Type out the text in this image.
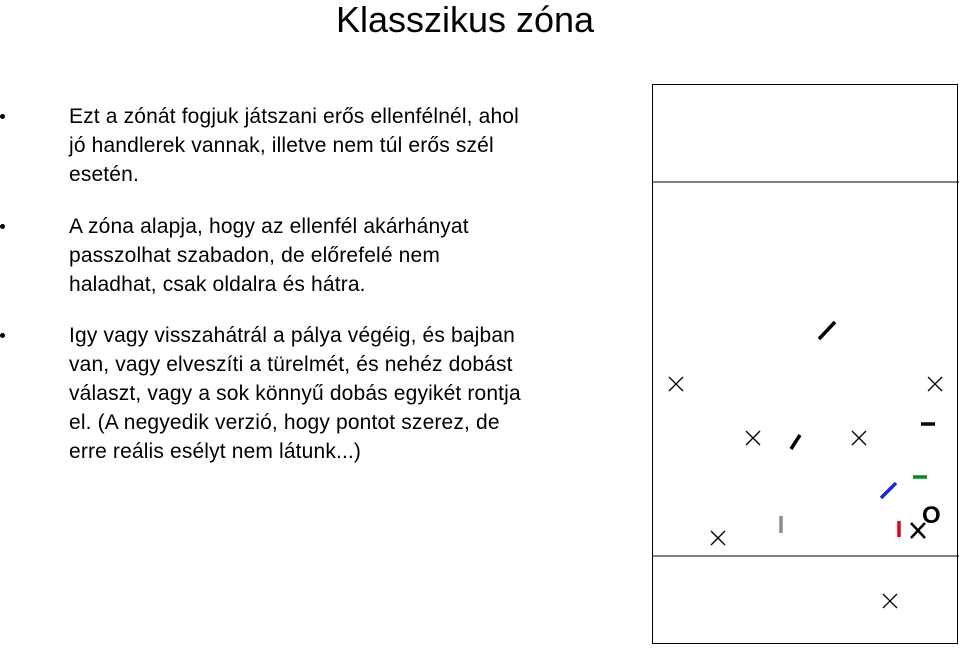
Klasszikus zóna
Ezt a zónát fogjuk játszani erős ellenfélnél, ahol
jó handlerek vannak, illetve nem túl erős szél
esetén.
A zóna alapja, hogy az ellenfél akárhányat
passzolhat szabadon, de előrefelé nem
haladhat, csak oldalra és hátra.
Igy vagy visszahátrál a pálya végéig, és bajban
van, vagy elveszíti a türelmét, és nehéz dobást
választ, vagy a sok könnyű dobás egyikét rontja
el. (A negyedik verzió, hogy pontot szerez, de
erre reális esélyt nem látunk...)
O
